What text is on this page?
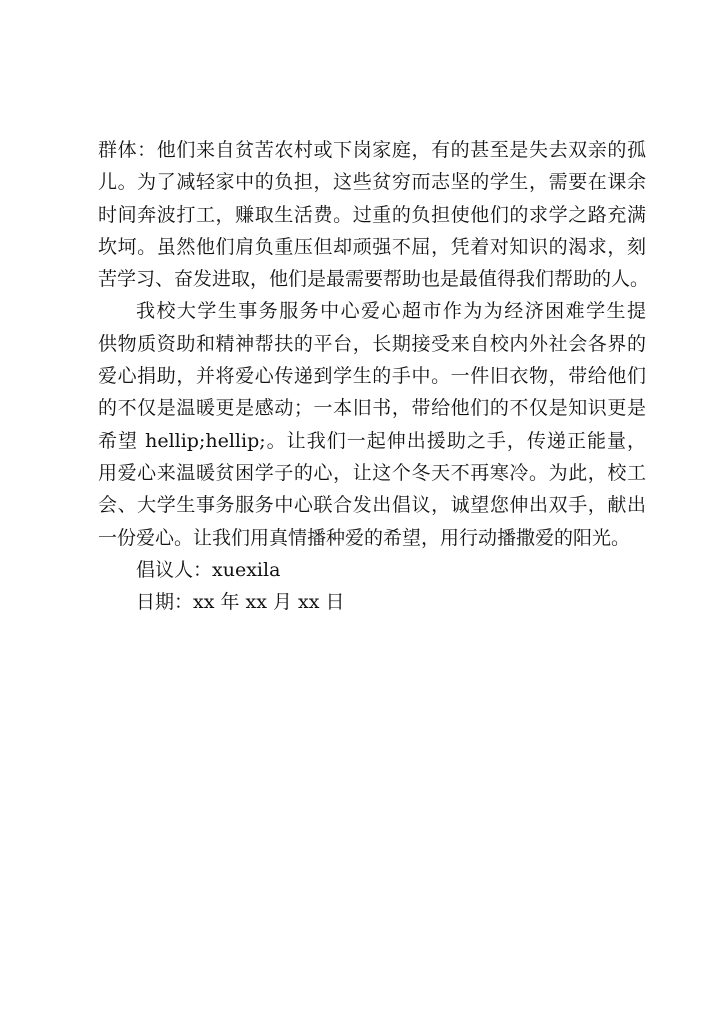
群体：他们来自贫苦农村或下岗家庭，有的甚至是失去双亲的孤
儿。为了减轻家中的负担，这些贫穷而志坚的学生，需要在课余
时间奔波打工，赚取生活费。过重的负担使他们的求学之路充满
坎坷。虽然他们肩负重压但却顽强不屈，凭着对知识的渴求，刻
苦学习、奋发进取，他们是最需要帮助也是最值得我们帮助的人。
我校大学生事务服务中心爱心超市作为为经济困难学生提
供物质资助和精神帮扶的平台，长期接受来自校内外社会各界的
爱心捐助，并将爱心传递到学生的手中。一件旧衣物，带给他们
的不仅是温暖更是感动；一本旧书，带给他们的不仅是知识更是
希望 hellip;hellip;。让我们一起伸出援助之手，传递正能量，
用爱心来温暖贫困学子的心，让这个冬天不再寒冷。为此，校工
会、大学生事务服务中心联合发出倡议，诚望您伸出双手，献出
一份爱心。让我们用真情播种爱的希望，用行动播撒爱的阳光。
倡议人：xuexila
日期：xx 年 xx 月 xx 日
